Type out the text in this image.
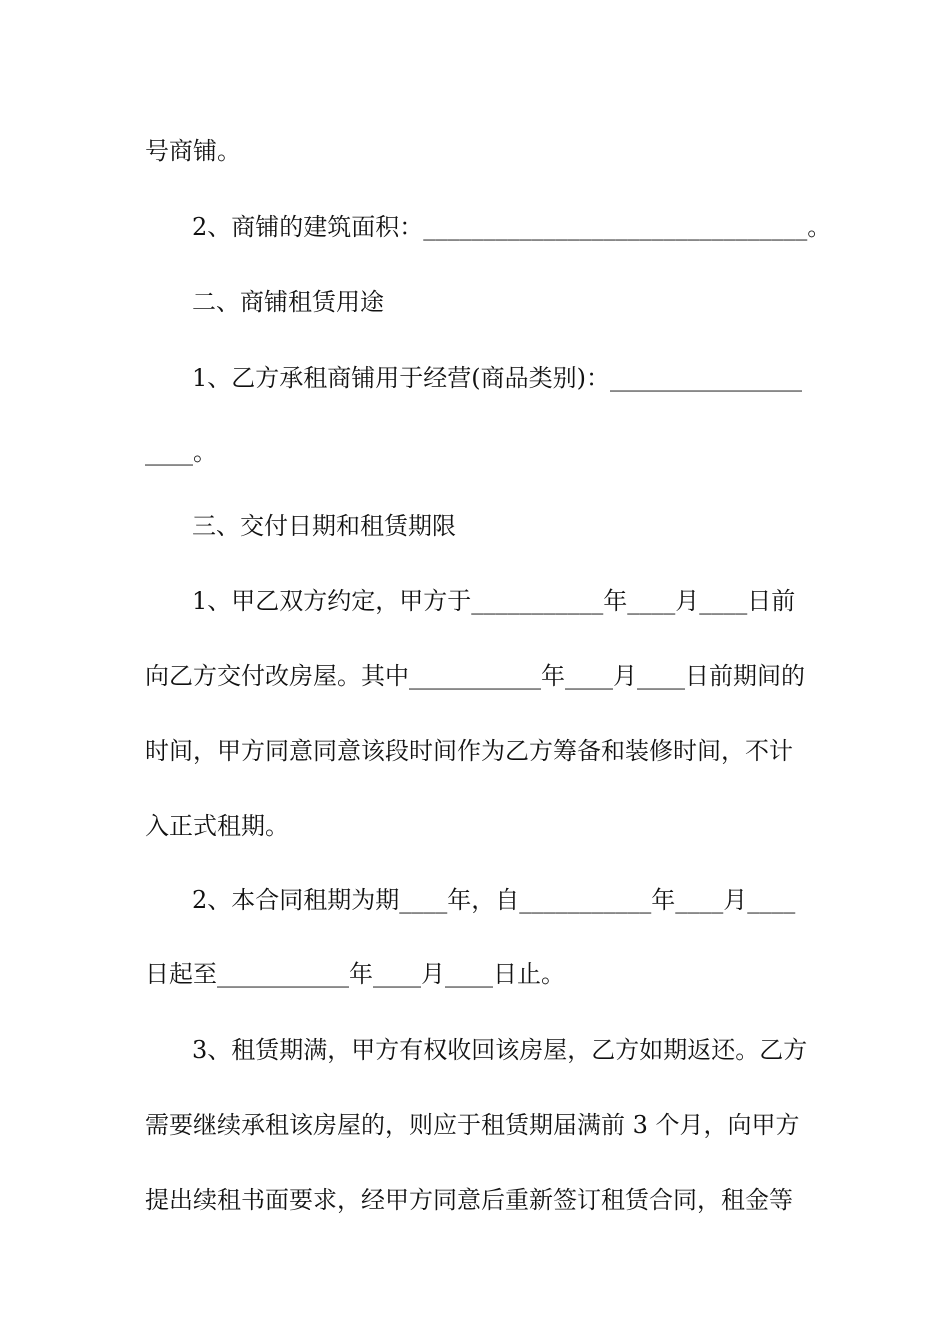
号商铺。
2、商铺的建筑面积：________________________________。
二、商铺租赁用途
1、乙方承租商铺用于经营(商品类别)：________________
____。
三、交付日期和租赁期限
1、甲乙双方约定，甲方于___________年____月____日前
向乙方交付改房屋。其中___________年____月____日前期间的
时间，甲方同意同意该段时间作为乙方筹备和装修时间，不计
入正式租期。
2、本合同租期为期____年，自___________年____月____
日起至___________年____月____日止。
3、租赁期满，甲方有权收回该房屋，乙方如期返还。乙方
需要继续承租该房屋的，则应于租赁期届满前 3 个月，向甲方
提出续租书面要求，经甲方同意后重新签订租赁合同，租金等
